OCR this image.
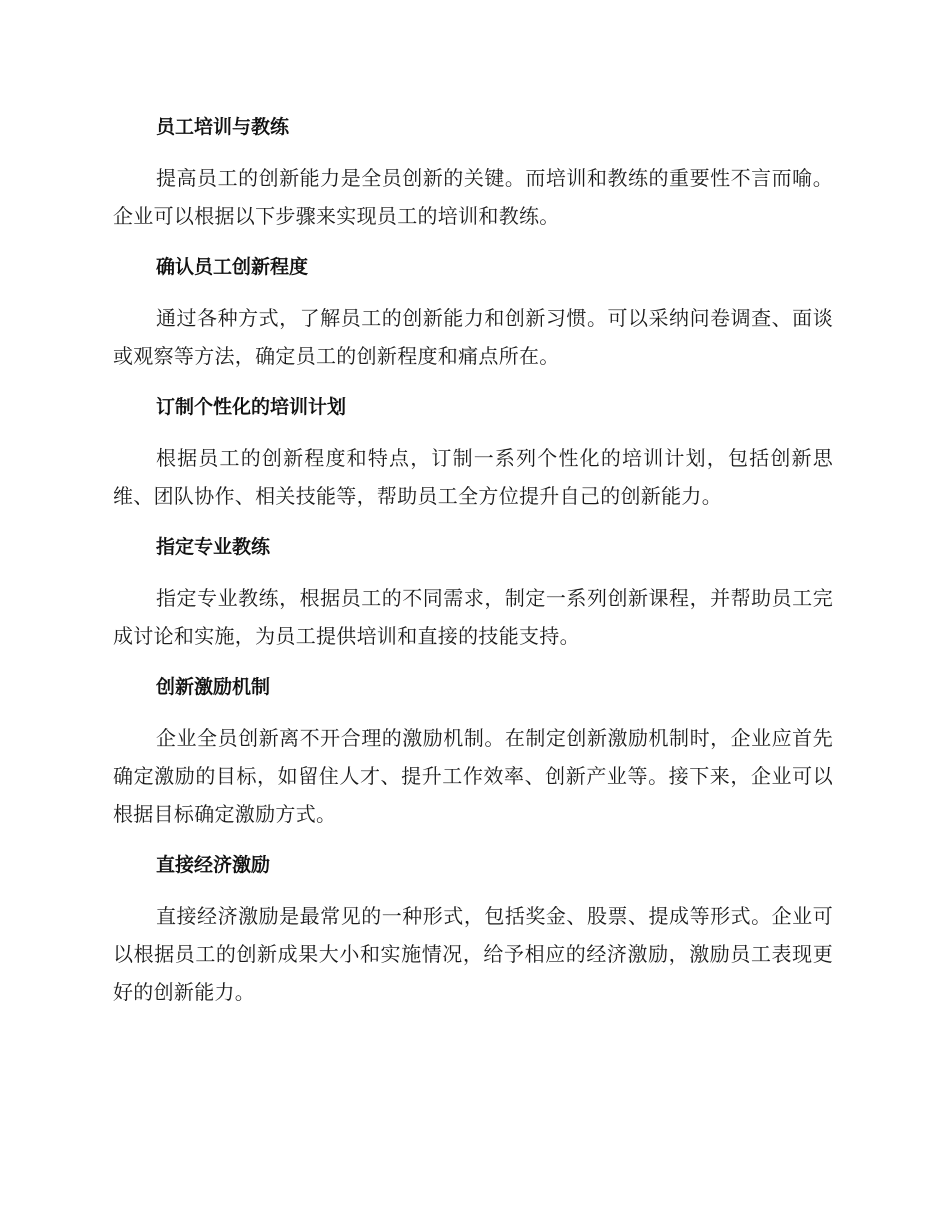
员工培训与教练

提高员工的创新能力是全员创新的关键。而培训和教练的重要性不言而喻。企业可以根据以下步骤来实现员工的培训和教练。

确认员工创新程度

通过各种方式，了解员工的创新能力和创新习惯。可以采纳问卷调查、面谈或观察等方法，确定员工的创新程度和痛点所在。

订制个性化的培训计划

根据员工的创新程度和特点，订制一系列个性化的培训计划，包括创新思维、团队协作、相关技能等，帮助员工全方位提升自己的创新能力。

指定专业教练

指定专业教练，根据员工的不同需求，制定一系列创新课程，并帮助员工完成讨论和实施，为员工提供培训和直接的技能支持。

创新激励机制

企业全员创新离不开合理的激励机制。在制定创新激励机制时，企业应首先确定激励的目标，如留住人才、提升工作效率、创新产业等。接下来，企业可以根据目标确定激励方式。

直接经济激励

直接经济激励是最常见的一种形式，包括奖金、股票、提成等形式。企业可以根据员工的创新成果大小和实施情况，给予相应的经济激励，激励员工表现更好的创新能力。
